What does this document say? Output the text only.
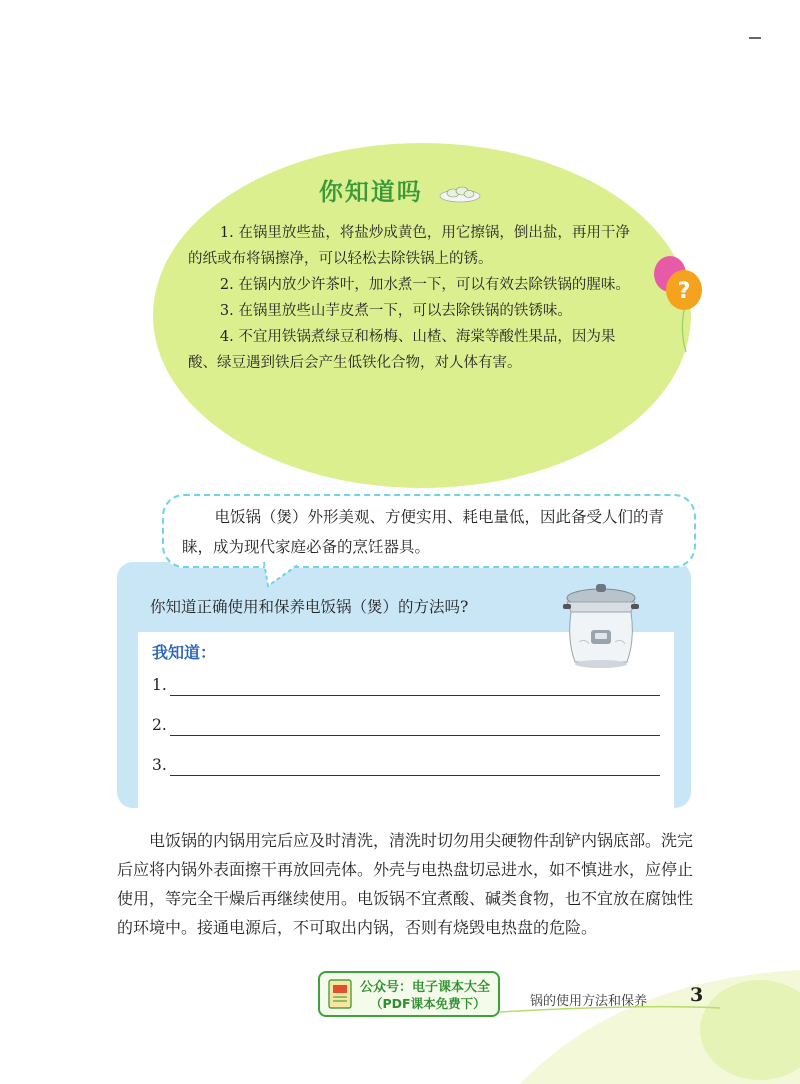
你知道吗

1. 在锅里放些盐，将盐炒成黄色，用它擦锅，倒出盐，再用干净的纸或布将锅擦净，可以轻松去除铁锅上的锈。

2. 在锅内放少许茶叶，加水煮一下，可以有效去除铁锅的腥味。

3. 在锅里放些山芋皮煮一下，可以去除铁锅的铁锈味。

4. 不宜用铁锅煮绿豆和杨梅、山楂、海棠等酸性果品，因为果酸、绿豆遇到铁后会产生低铁化合物，对人体有害。

?

电饭锅（煲）外形美观、方便实用、耗电量低，因此备受人们的青睐，成为现代家庭必备的烹饪器具。

你知道正确使用和保养电饭锅（煲）的方法吗?
我知道：
1.
2.
3.

电饭锅的内锅用完后应及时清洗，清洗时切勿用尖硬物件刮铲内锅底部。洗完后应将内锅外表面擦干再放回壳体。外壳与电热盘切忌进水，如不慎进水，应停止使用，等完全干燥后再继续使用。电饭锅不宜煮酸、碱类食物，也不宜放在腐蚀性的环境中。接通电源后，不可取出内锅，否则有烧毁电热盘的危险。

公众号：电子课本大全
（PDF课本免费下）	锅的使用方法和保养 3
